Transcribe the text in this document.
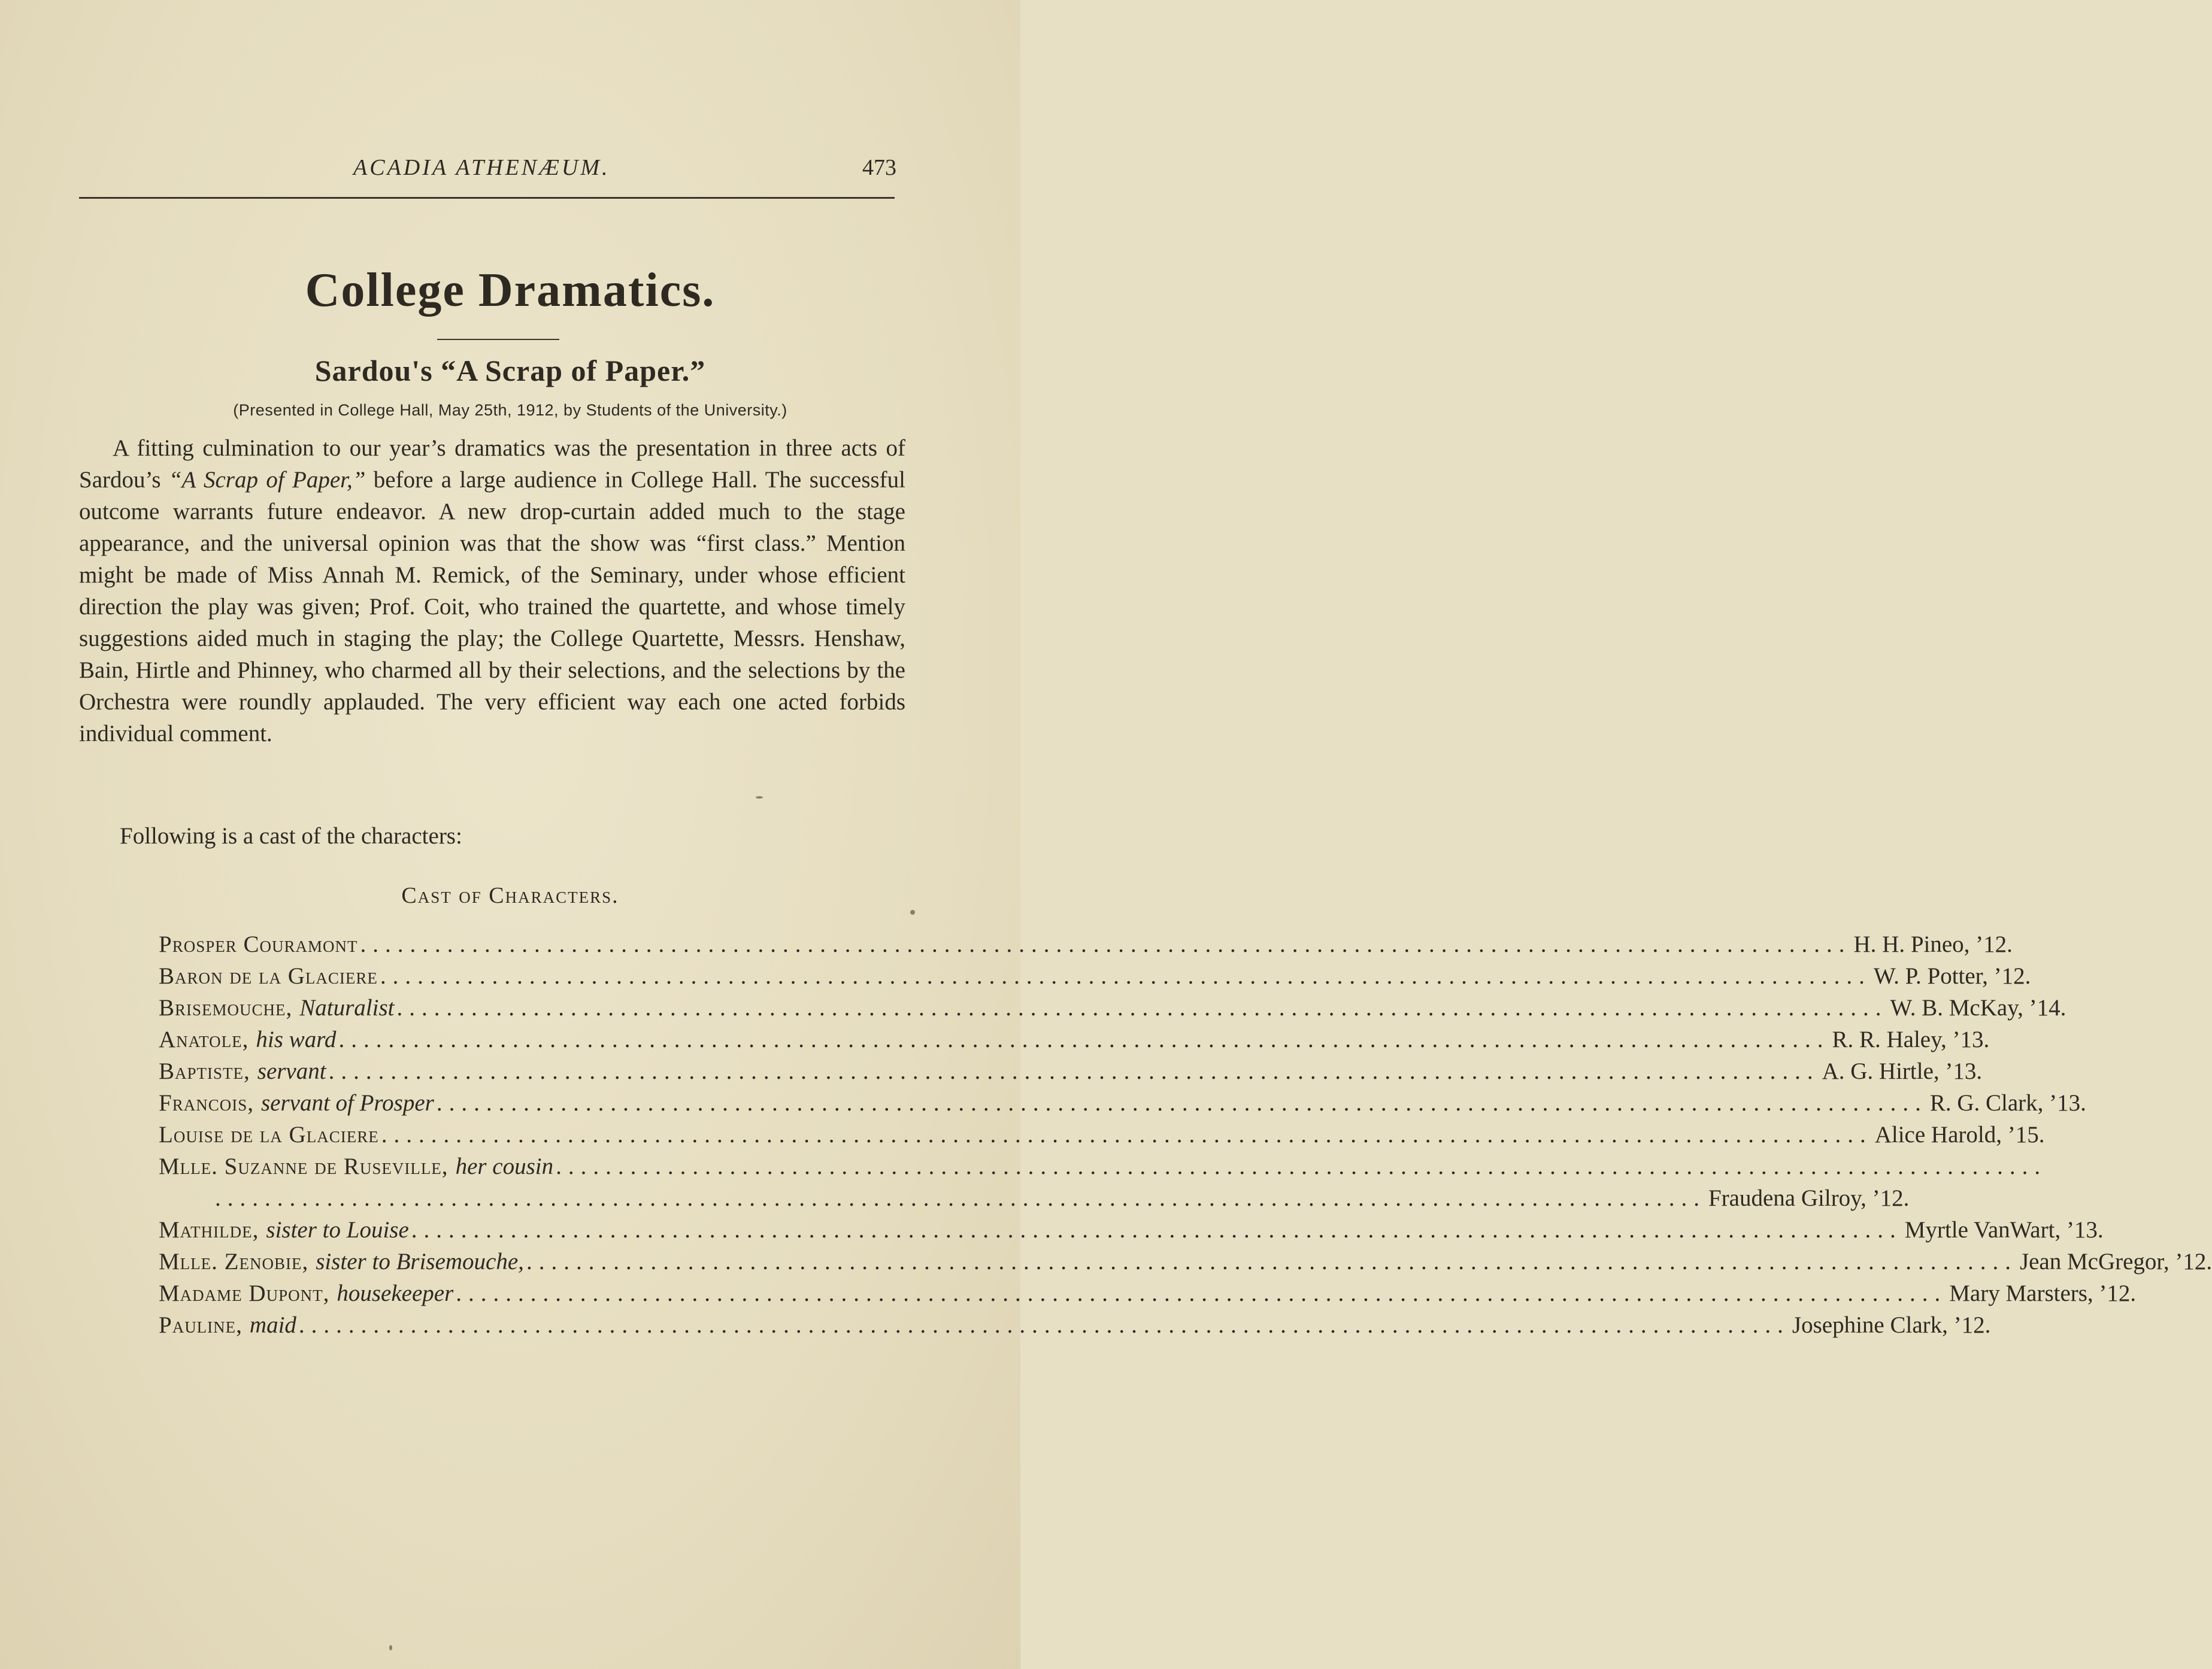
ACADIA ATHENÆUM.	473
College Dramatics.
Sardou's “A Scrap of Paper.”
(Presented in College Hall, May 25th, 1912, by Students of the University.)

A fitting culmination to our year’s dramatics was the presentation in three acts of Sardou’s “A Scrap of Paper,” before a large audience in College Hall. The successful outcome warrants future endeavor. A new drop-curtain added much to the stage appearance, and the universal opinion was that the show was “first class.” Mention might be made of Miss Annah M. Remick, of the Seminary, under whose efficient direction the play was given; Prof. Coit, who trained the quartette, and whose timely suggestions aided much in staging the play; the College Quartette, Messrs. Henshaw, Bain, Hirtle and Phinney, who charmed all by their selections, and the selections by the Orchestra were roundly applauded. The very efficient way each one acted forbids individual comment.

Following is a cast of the characters:

Cast of Characters.
Prosper Couramont ........................................................................................................................ H. H. Pineo, ’12.
Baron de la Glaciere ........................................................................................................................ W. P. Potter, ’12.
Brisemouche, Naturalist ........................................................................................................................ W. B. McKay, ’14.
Anatole, his ward ........................................................................................................................ R. R. Haley, ’13.
Baptiste, servant ........................................................................................................................ A. G. Hirtle, ’13.
Francois, servant of Prosper ........................................................................................................................ R. G. Clark, ’13.
Louise de la Glaciere ........................................................................................................................ Alice Harold, ’15.
Mlle. Suzanne de Ruseville, her cousin ........................................................................................................................
........................................................................................................................ Fraudena Gilroy, ’12.
Mathilde, sister to Louise ........................................................................................................................ Myrtle VanWart, ’13.
Mlle. Zenobie, sister to Brisemouche, ........................................................................................................................ Jean McGregor, ’12.
Madame Dupont, housekeeper ........................................................................................................................ Mary Marsters, ’12.
Pauline, maid ........................................................................................................................ Josephine Clark, ’12.
